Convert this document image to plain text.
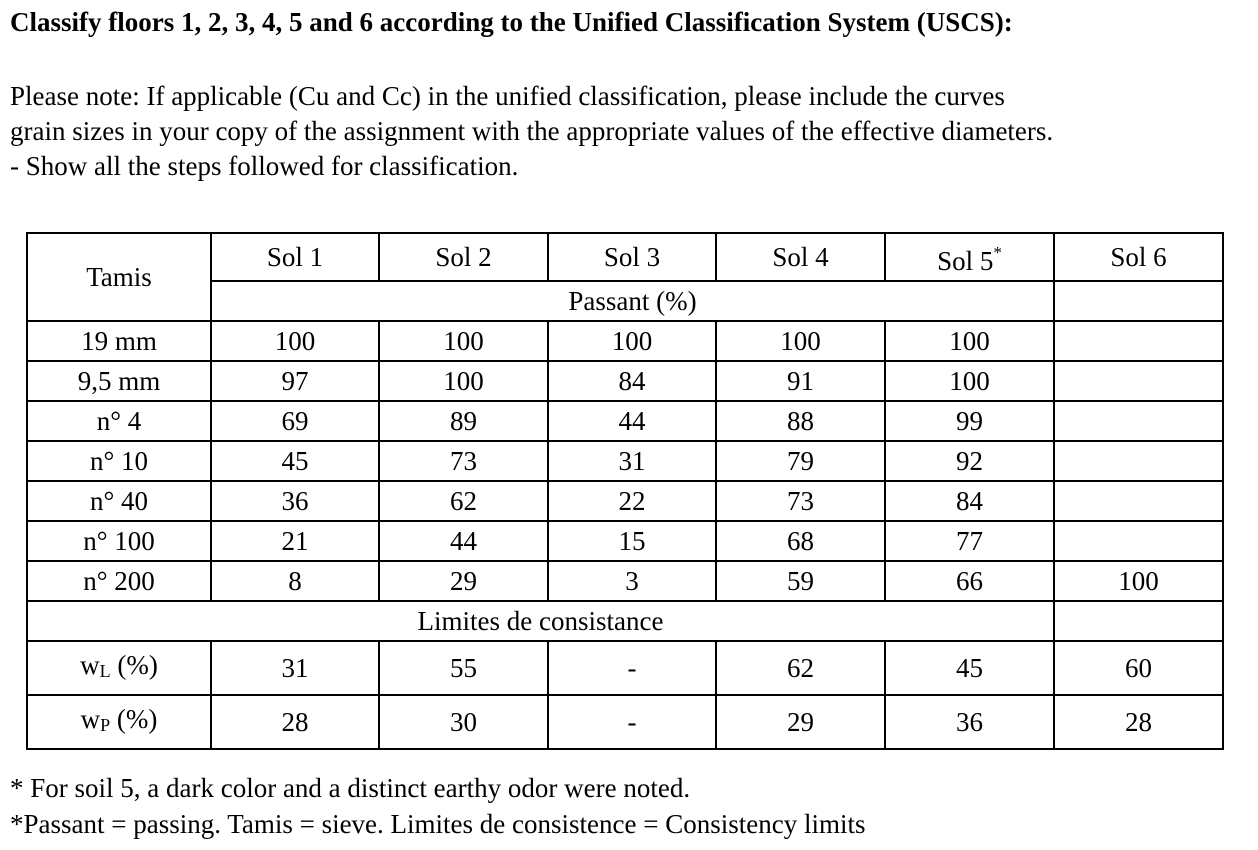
Classify floors 1, 2, 3, 4, 5 and 6 according to the Unified Classification System (USCS):
Please note: If applicable (Cu and Cc) in the unified classification, please include the curves
grain sizes in your copy of the assignment with the appropriate values of the effective diameters.
- Show all the steps followed for classification.
Tamis	Sol 1	Sol 2	Sol 3	Sol 4	Sol 5*	Sol 6
	Passant (%)					
19 mm	100	100	100	100	100	
9,5 mm	97	100	84	91	100	
n° 4	69	89	44	88	99	
n° 10	45	73	31	79	92	
n° 40	36	62	22	73	84	
n° 100	21	44	15	68	77	
n° 200	8	29	3	59	66	100
Limites de consistance						
$w_L$ (%)	31	55	-	62	45	60
$w_P$ (%)	28	30	-	29	36	28
* For soil 5, a dark color and a distinct earthy odor were noted.
*Passant = passing. Tamis = sieve. Limites de consistence = Consistency limits
